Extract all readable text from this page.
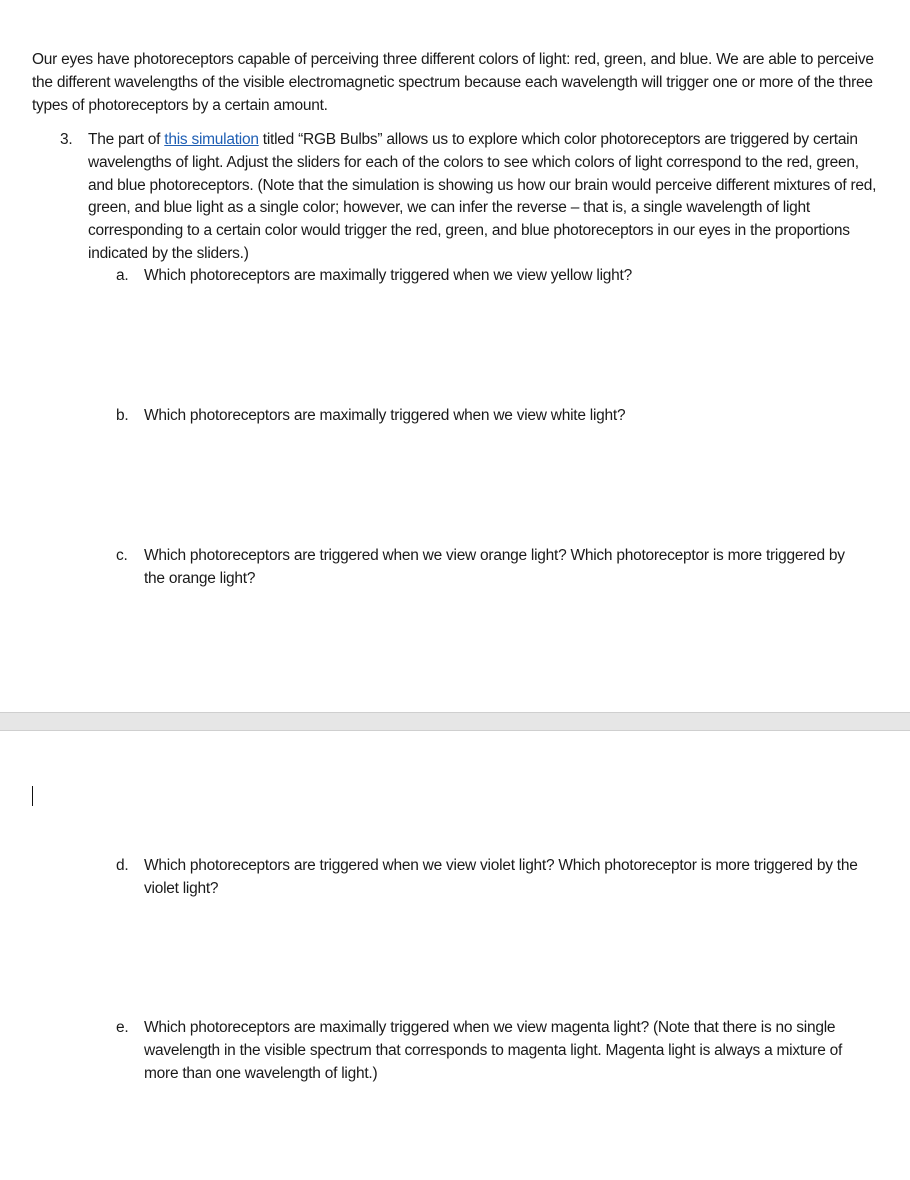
Our eyes have photoreceptors capable of perceiving three different colors of light: red, green, and blue. We are able to perceive the different wavelengths of the visible electromagnetic spectrum because each wavelength will trigger one or more of the three types of photoreceptors by a certain amount.

3. The part of this simulation titled “RGB Bulbs” allows us to explore which color photoreceptors are triggered by certain wavelengths of light. Adjust the sliders for each of the colors to see which colors of light correspond to the red, green, and blue photoreceptors. (Note that the simulation is showing us how our brain would perceive different mixtures of red, green, and blue light as a single color; however, we can infer the reverse – that is, a single wavelength of light corresponding to a certain color would trigger the red, green, and blue photoreceptors in our eyes in the proportions indicated by the sliders.)
a. Which photoreceptors are maximally triggered when we view yellow light?
b. Which photoreceptors are maximally triggered when we view white light?
c. Which photoreceptors are triggered when we view orange light? Which photoreceptor is more triggered by the orange light?
d. Which photoreceptors are triggered when we view violet light? Which photoreceptor is more triggered by the violet light?
e. Which photoreceptors are maximally triggered when we view magenta light? (Note that there is no single wavelength in the visible spectrum that corresponds to magenta light. Magenta light is always a mixture of more than one wavelength of light.)
